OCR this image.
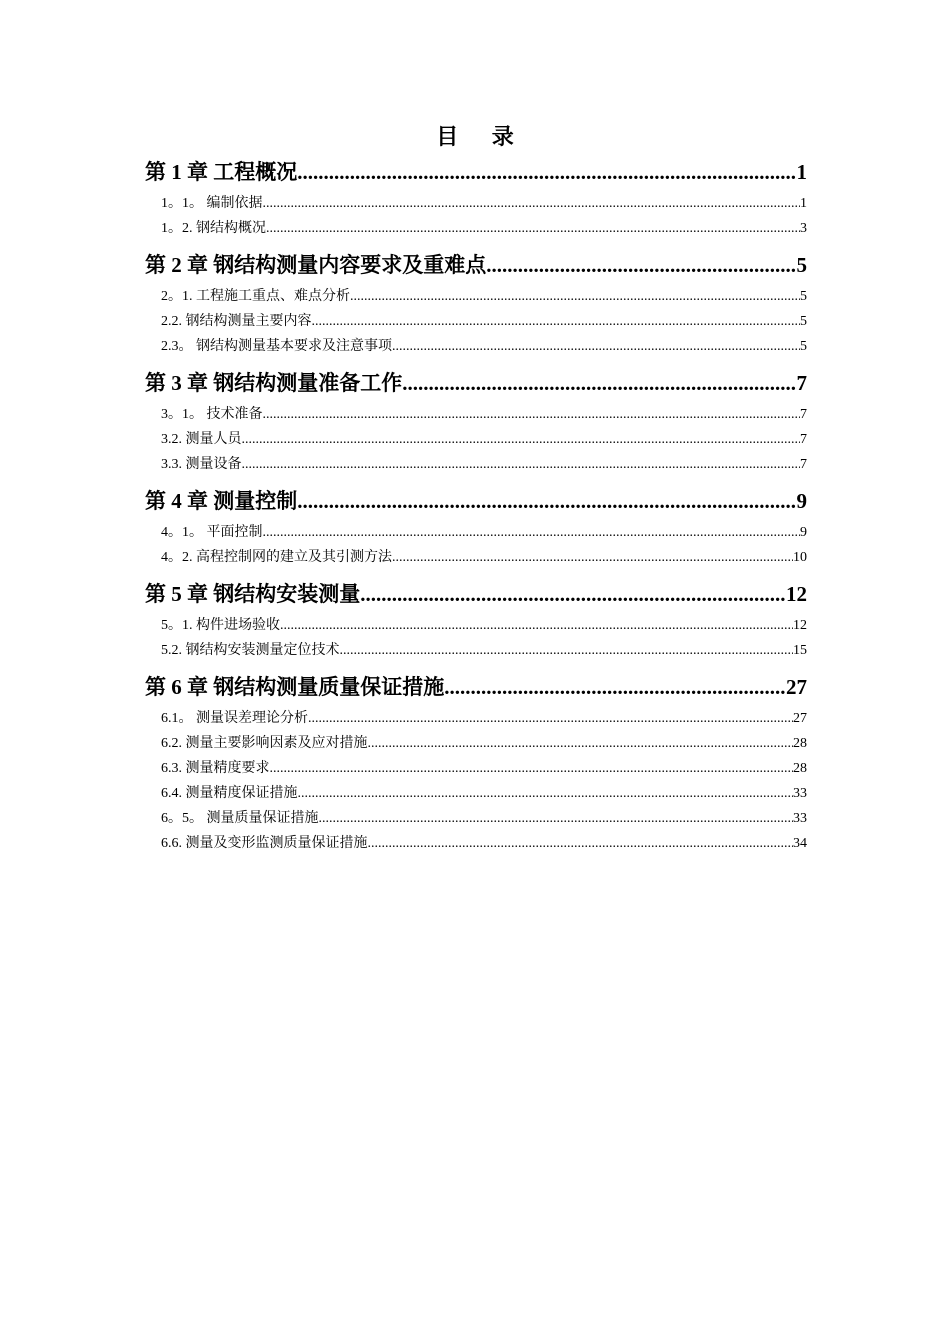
目 录
第 1 章 工程概况 .....	1
1。1。 编制依据 .....	1
1。2. 钢结构概况 .....	3
第 2 章 钢结构测量内容要求及重难点 .....	5
2。1. 工程施工重点、难点分析 .....	5
2.2. 钢结构测量主要内容 .....	5
2.3。 钢结构测量基本要求及注意事项 .....	5
第 3 章 钢结构测量准备工作 .....	7
3。1。 技术准备 .....	7
3.2. 测量人员 .....	7
3.3. 测量设备 .....	7
第 4 章 测量控制 .....	9
4。1。 平面控制 .....	9
4。2. 高程控制网的建立及其引测方法 .....	10
第 5 章 钢结构安装测量 .....	12
5。1. 构件进场验收 .....	12
5.2. 钢结构安装测量定位技术 .....	15
第 6 章 钢结构测量质量保证措施 .....	27
6.1。 测量误差理论分析 .....	27
6.2. 测量主要影响因素及应对措施 .....	28
6.3. 测量精度要求 .....	28
6.4. 测量精度保证措施 .....	33
6。5。 测量质量保证措施 .....	33
6.6. 测量及变形监测质量保证措施 .....	34
